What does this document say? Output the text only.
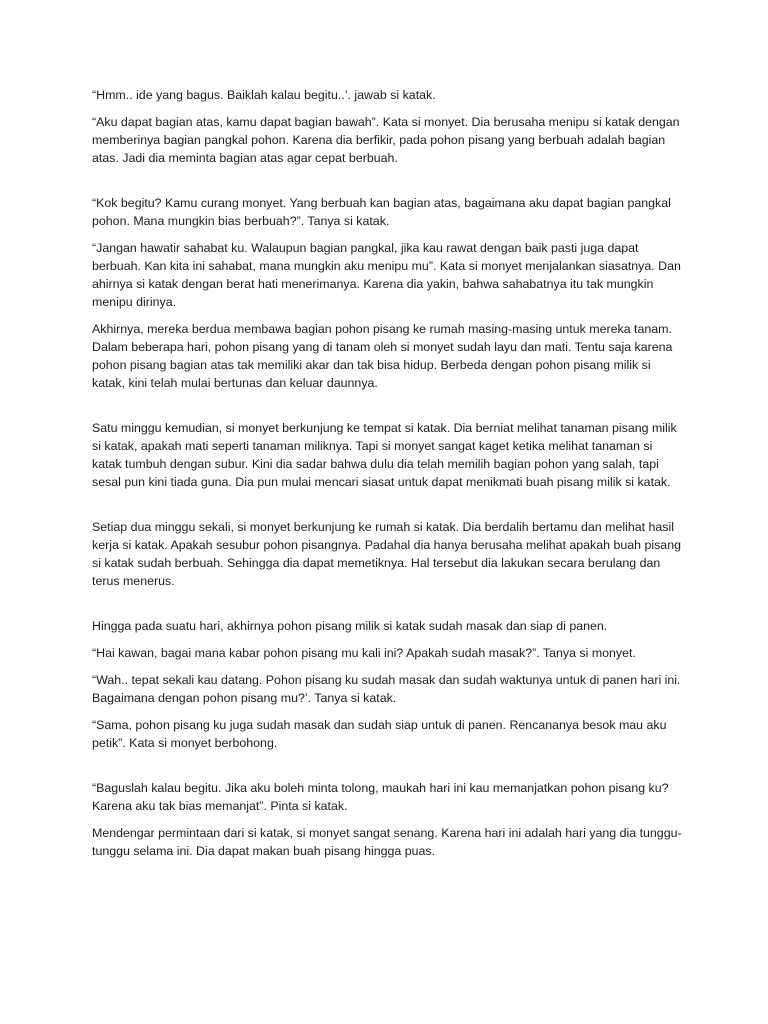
“Hmm.. ide yang bagus. Baiklah kalau begitu..’. jawab si katak.

“Aku dapat bagian atas, kamu dapat bagian bawah”. Kata si monyet. Dia berusaha menipu si katak dengan memberinya bagian pangkal pohon. Karena dia berfikir, pada pohon pisang yang berbuah adalah bagian atas. Jadi dia meminta bagian atas agar cepat berbuah.

“Kok begitu? Kamu curang monyet. Yang berbuah kan bagian atas, bagaimana aku dapat bagian pangkal pohon. Mana mungkin bias berbuah?”. Tanya si katak.

“Jangan hawatir sahabat ku. Walaupun bagian pangkal, jika kau rawat dengan baik pasti juga dapat berbuah. Kan kita ini sahabat, mana mungkin aku menipu mu”. Kata si monyet menjalankan siasatnya. Dan ahirnya si katak dengan berat hati menerimanya. Karena dia yakin, bahwa sahabatnya itu tak mungkin menipu dirinya.

Akhirnya, mereka berdua membawa bagian pohon pisang ke rumah masing-masing untuk mereka tanam. Dalam beberapa hari, pohon pisang yang di tanam oleh si monyet sudah layu dan mati. Tentu saja karena pohon pisang bagian atas tak memiliki akar dan tak bisa hidup. Berbeda dengan pohon pisang milik si katak, kini telah mulai bertunas dan keluar daunnya.

Satu minggu kemudian, si monyet berkunjung ke tempat si katak. Dia berniat melihat tanaman pisang milik si katak, apakah mati seperti tanaman miliknya. Tapi si monyet sangat kaget ketika melihat tanaman si katak tumbuh dengan subur. Kini dia sadar bahwa dulu dia telah memilih bagian pohon yang salah, tapi sesal pun kini tiada guna. Dia pun mulai mencari siasat untuk dapat menikmati buah pisang milik si katak.

Setiap dua minggu sekali, si monyet berkunjung ke rumah si katak. Dia berdalih bertamu dan melihat hasil kerja si katak. Apakah sesubur pohon pisangnya. Padahal dia hanya berusaha melihat apakah buah pisang si katak sudah berbuah. Sehingga dia dapat memetiknya. Hal tersebut dia lakukan secara berulang dan terus menerus.

Hingga pada suatu hari, akhirnya pohon pisang milik si katak sudah masak dan siap di panen.

“Hai kawan, bagai mana kabar pohon pisang mu kali ini? Apakah sudah masak?”. Tanya si monyet.

“Wah.. tepat sekali kau datang. Pohon pisang ku sudah masak dan sudah waktunya untuk di panen hari ini. Bagaimana dengan pohon pisang mu?’. Tanya si katak.

“Sama, pohon pisang ku juga sudah masak dan sudah siap untuk di panen. Rencananya besok mau aku petik”. Kata si monyet berbohong.

“Baguslah kalau begitu. Jika aku boleh minta tolong, maukah hari ini kau memanjatkan pohon pisang ku? Karena aku tak bias memanjat”. Pinta si katak.

Mendengar permintaan dari si katak, si monyet sangat senang. Karena hari ini adalah hari yang dia tunggu-tunggu selama ini. Dia dapat makan buah pisang hingga puas.
